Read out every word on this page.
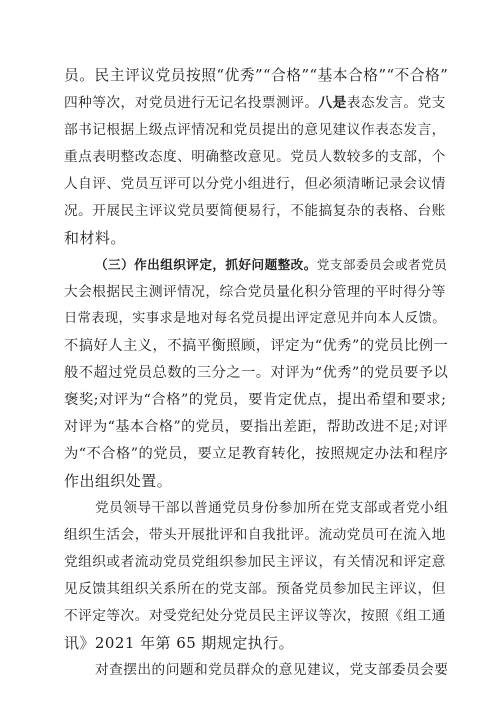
员。民主评议党员按照“优秀”“合格”“基本合格”“不合格”
四种等次，对党员进行无记名投票测评。八是表态发言。党支
部书记根据上级点评情况和党员提出的意见建议作表态发言，
重点表明整改态度、明确整改意见。党员人数较多的支部，个
人自评、党员互评可以分党小组进行，但必须清晰记录会议情
况。开展民主评议党员要简便易行，不能搞复杂的表格、台账
和材料。
（三）作出组织评定，抓好问题整改。党支部委员会或者党员
大会根据民主测评情况，综合党员量化积分管理的平时得分等
日常表现，实事求是地对每名党员提出评定意见并向本人反馈。
不搞好人主义，不搞平衡照顾，评定为“优秀”的党员比例一
般不超过党员总数的三分之一。对评为“优秀”的党员要予以
褒奖;对评为“合格”的党员，要肯定优点，提出希望和要求;
对评为“基本合格”的党员，要指出差距，帮助改进不足;对评
为“不合格”的党员，要立足教育转化，按照规定办法和程序
作出组织处置。
党员领导干部以普通党员身份参加所在党支部或者党小组
组织生活会，带头开展批评和自我批评。流动党员可在流入地
党组织或者流动党员党组织参加民主评议，有关情况和评定意
见反馈其组织关系所在的党支部。预备党员参加民主评议，但
不评定等次。对受党纪处分党员民主评议等次，按照《组工通
讯》2021 年第 65 期规定执行。
对查摆出的问题和党员群众的意见建议，党支部委员会要
